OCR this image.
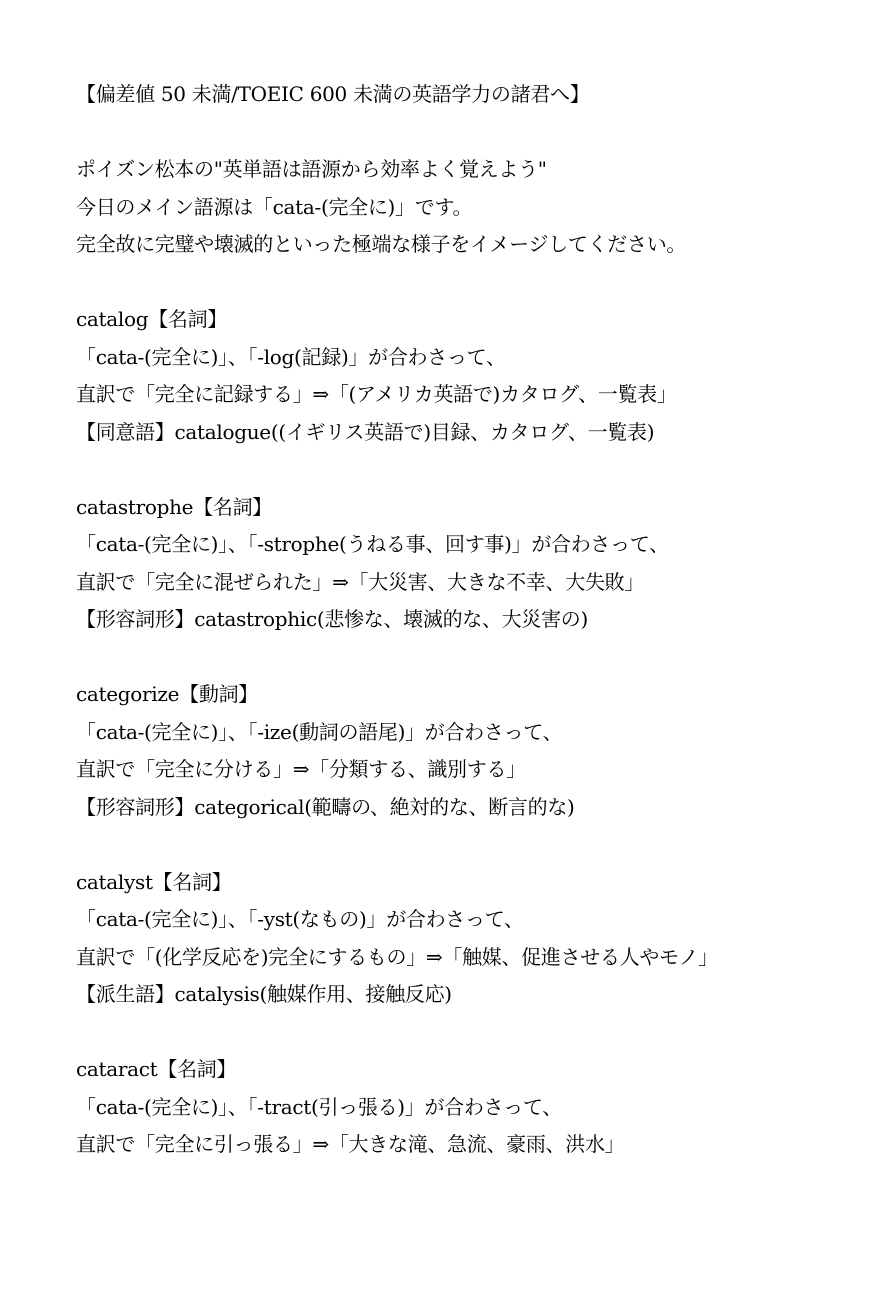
【偏差値 50 未満/TOEIC 600 未満の英語学力の諸君へ】
ポイズン松本の"英単語は語源から効率よく覚えよう"
今日のメイン語源は「cata-(完全に)」です。
完全故に完璧や壊滅的といった極端な様子をイメージしてください。
catalog【名詞】
「cata-(完全に)」、「-log(記録)」が合わさって、
直訳で「完全に記録する」⇒「(アメリカ英語で)カタログ、一覧表」
【同意語】catalogue((イギリス英語で)目録、カタログ、一覧表)
catastrophe【名詞】
「cata-(完全に)」、「-strophe(うねる事、回す事)」が合わさって、
直訳で「完全に混ぜられた」⇒「大災害、大きな不幸、大失敗」
【形容詞形】catastrophic(悲惨な、壊滅的な、大災害の)
categorize【動詞】
「cata-(完全に)」、「-ize(動詞の語尾)」が合わさって、
直訳で「完全に分ける」⇒「分類する、識別する」
【形容詞形】categorical(範疇の、絶対的な、断言的な)
catalyst【名詞】
「cata-(完全に)」、「-yst(なもの)」が合わさって、
直訳で「(化学反応を)完全にするもの」⇒「触媒、促進させる人やモノ」
【派生語】catalysis(触媒作用、接触反応)
cataract【名詞】
「cata-(完全に)」、「-tract(引っ張る)」が合わさって、
直訳で「完全に引っ張る」⇒「大きな滝、急流、豪雨、洪水」
